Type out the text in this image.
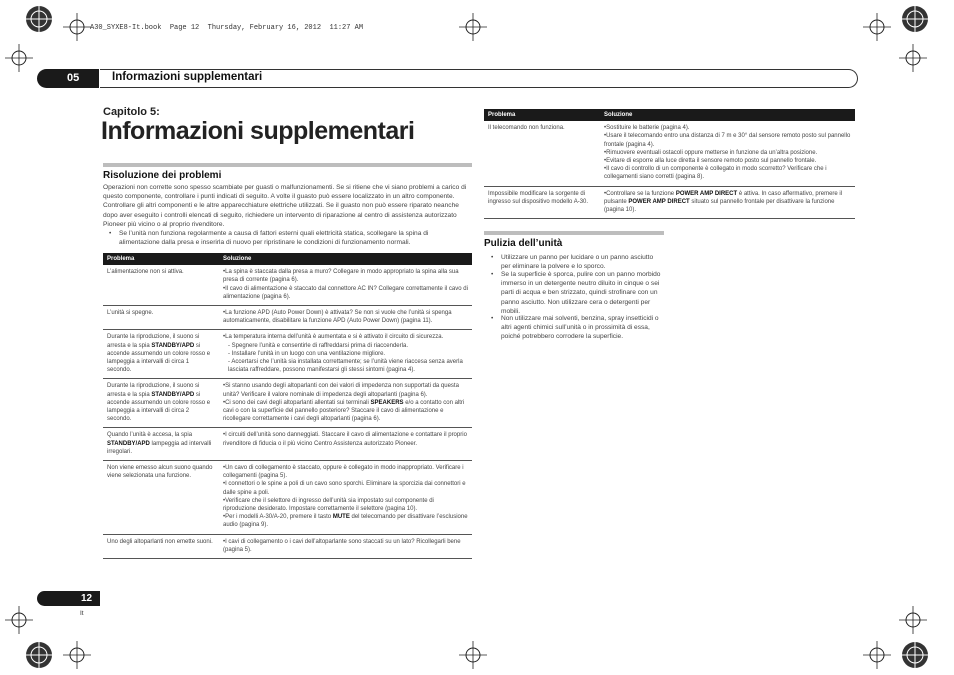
A30_SYXE8-It.book  Page 12  Thursday, February 16, 2012  11:27 AM
05	Informazioni supplementari
Capitolo 5:
Informazioni supplementari
Risoluzione dei problemi
Operazioni non corrette sono spesso scambiate per guasti o malfunzionamenti. Se si ritiene che vi siano problemi a carico di questo componente, controllare i punti indicati di seguito. A volte il guasto può essere localizzato in un altro componente. Controllare gli altri componenti e le altre apparecchiature elettriche utilizzati. Se il guasto non può essere riparato neanche dopo aver eseguito i controlli elencati di seguito, richiedere un intervento di riparazione al centro di assistenza autorizzato Pioneer più vicino o al proprio rivenditore.
• Se l’unità non funziona regolarmente a causa di fattori esterni quali elettricità statica, scollegare la spina di alimentazione dalla presa e inserirla di nuovo per ripristinare le condizioni di funzionamento normali.
Problema	Soluzione
L’alimentazione non si attiva.	•La spina è staccata dalla presa a muro? Collegare in modo appropriato la spina alla sua presa di corrente (pagina 6).
•Il cavo di alimentazione è staccato dal connettore AC IN? Collegare correttamente il cavo di alimentazione (pagina 6).

L’unità si spegne.	•La funzione APD (Auto Power Down) è attivata? Se non si vuole che l’unità si spenga automaticamente, disabilitare la funzione APD (Auto Power Down) (pagina 11).
Durante la riproduzione, il suono si arresta e la spia STANDBY/APD si accende assumendo un colore rosso e lampeggia a intervalli di circa 1 secondo.	•La temperatura interna dell’unità è aumentata e si è attivato il circuito di sicurezza.
- Spegnere l’unità e consentirle di raffreddarsi prima di riaccenderla.
- Installare l’unità in un luogo con una ventilazione migliore.
- Accertarsi che l’unità sia installata correttamente; se l’unità viene riaccesa senza averla lasciata raffreddare, possono manifestarsi gli stessi sintomi (pagina 4).

Durante la riproduzione, il suono si arresta e la spia STANDBY/APD si accende assumendo un colore rosso e lampeggia a intervalli di circa 2 secondo.	•Si stanno usando degli altoparlanti con dei valori di impedenza non supportati da questa unità? Verificare il valore nominale di impedenza degli altoparlanti (pagina 6).
•Ci sono dei cavi degli altoparlanti allentati sui terminali SPEAKERS e/o a contatto con altri cavi o con la superficie del pannello posteriore? Staccare il cavo di alimentazione e ricollegare correttamente i cavi degli altoparlanti (pagina 6).

Quando l’unità è accesa, la spia STANDBY/APD lampeggia ad intervalli irregolari.	•I circuiti dell’unità sono danneggiati. Staccare il cavo di alimentazione e contattare il proprio rivenditore di fiducia o il più vicino Centro Assistenza autorizzato Pioneer.
Non viene emesso alcun suono quando viene selezionata una funzione.	•Un cavo di collegamento è staccato, oppure è collegato in modo inappropriato. Verificare i collegamenti (pagina 5).
•I connettori o le spine a poli di un cavo sono sporchi. Eliminare la sporcizia dai connettori e dalle spine a poli.
•Verificare che il selettore di ingresso dell’unità sia impostato sul componente di riproduzione desiderato. Impostare correttamente il selettore (pagina 10).
•Per i modelli A-30/A-20, premere il tasto MUTE del telecomando per disattivare l’esclusione audio (pagina 9).

Uno degli altoparlanti non emette suoni.	•I cavi di collegamento o i cavi dell’altoparlante sono staccati su un lato? Ricollegarli bene (pagina 5).
Problema	Soluzione
Il telecomando non funziona.	•Sostituire le batterie (pagina 4).
•Usare il telecomando entro una distanza di 7 m e 30° dal sensore remoto posto sul pannello frontale (pagina 4).
•Rimuovere eventuali ostacoli oppure metterse in funzione da un’altra posizione.
•Evitare di esporre alla luce diretta il sensore remoto posto sul pannello frontale.
•Il cavo di controllo di un componente è collegato in modo scorretto? Verificare che i collegamenti siano corretti (pagina 8).

Impossibile modificare la sorgente di ingresso sul dispositivo modello A-30.	•Controllare se la funzione POWER AMP DIRECT è attiva. In caso affermativo, premere il pulsante POWER AMP DIRECT situato sul pannello frontale per disattivare la funzione (pagina 10).
Pulizia dell’unità
• Utilizzare un panno per lucidare o un panno asciutto per eliminare la polvere e lo sporco.
• Se la superficie è sporca, pulire con un panno morbido immerso in un detergente neutro diluito in cinque o sei parti di acqua e ben strizzato, quindi strofinare con un panno asciutto. Non utilizzare cera o detergenti per mobili.
• Non utilizzare mai solventi, benzina, spray insetticidi o altri agenti chimici sull’unità o in prossimità di essa, poiché potrebbero corrodere la superficie.
12
It
